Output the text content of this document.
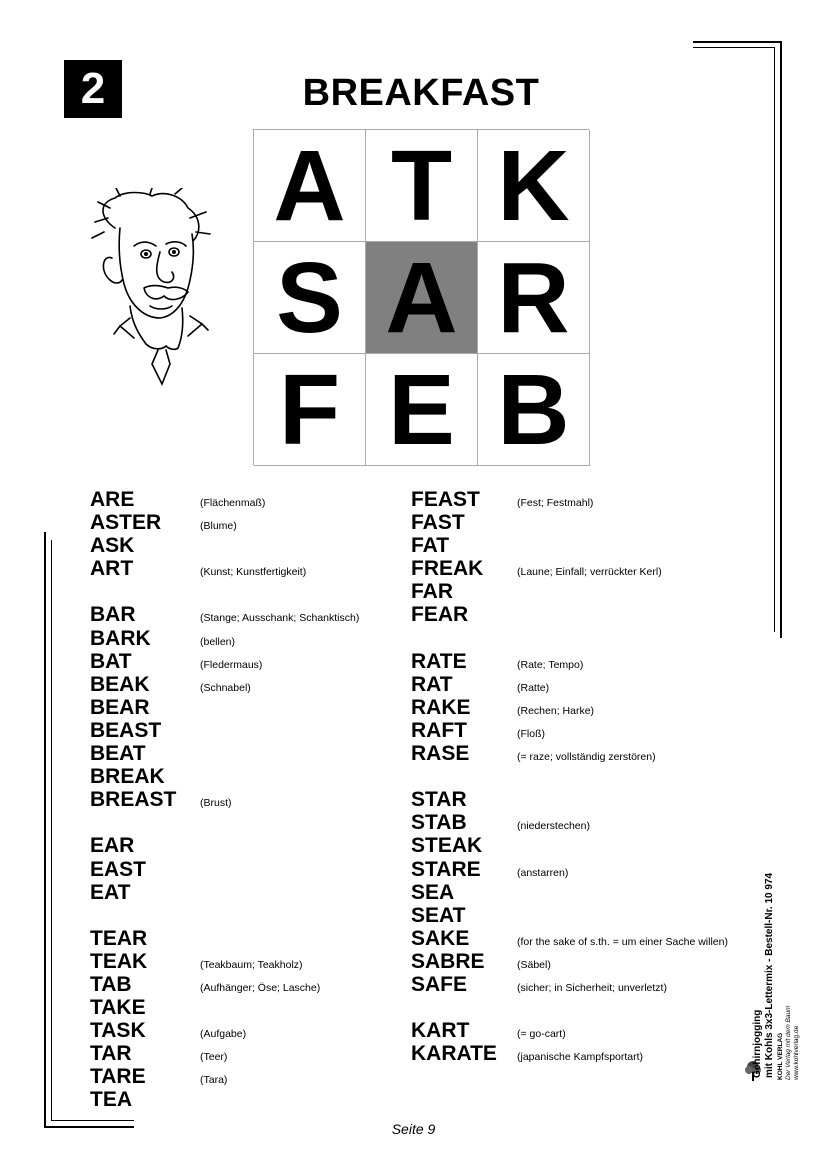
2	BREAKFAST
A T K
S A R
F E B
ARE	(Flächenmaß)
ASTER	(Blume)
ASK
ART	(Kunst; Kunstfertigkeit)
BAR	(Stange; Ausschank; Schanktisch)
BARK	(bellen)
BAT	(Fledermaus)
BEAK	(Schnabel)
BEAR
BEAST
BEAT
BREAK
BREAST	(Brust)
EAR
EAST
EAT
TEAR
TEAK	(Teakbaum; Teakholz)
TAB	(Aufhänger; Öse; Lasche)
TAKE
TASK	(Aufgabe)
TAR	(Teer)
TARE	(Tara)
TEA
FEAST	(Fest; Festmahl)
FAST
FAT
FREAK	(Laune; Einfall; verrückter Kerl)
FAR
FEAR
RATE	(Rate; Tempo)
RAT	(Ratte)
RAKE	(Rechen; Harke)
RAFT	(Floß)
RASE	(= raze; vollständig zerstören)
STAR
STAB	(niederstechen)
STEAK
STARE	(anstarren)
SEA
SEAT
SAKE	(for the sake of s.th. = um einer Sache willen)
SABRE	(Säbel)
SAFE	(sicher; in Sicherheit; unverletzt)
KART	(= go-cart)
KARATE	(japanische Kampfsportart)	Gehirnjogging mit Kohls 3x3-Lettermix - Bestell-Nr. 10 974 KOHL VERLAG Der Verlag mit dem Baum www.kohlverlag.de
Seite 9
